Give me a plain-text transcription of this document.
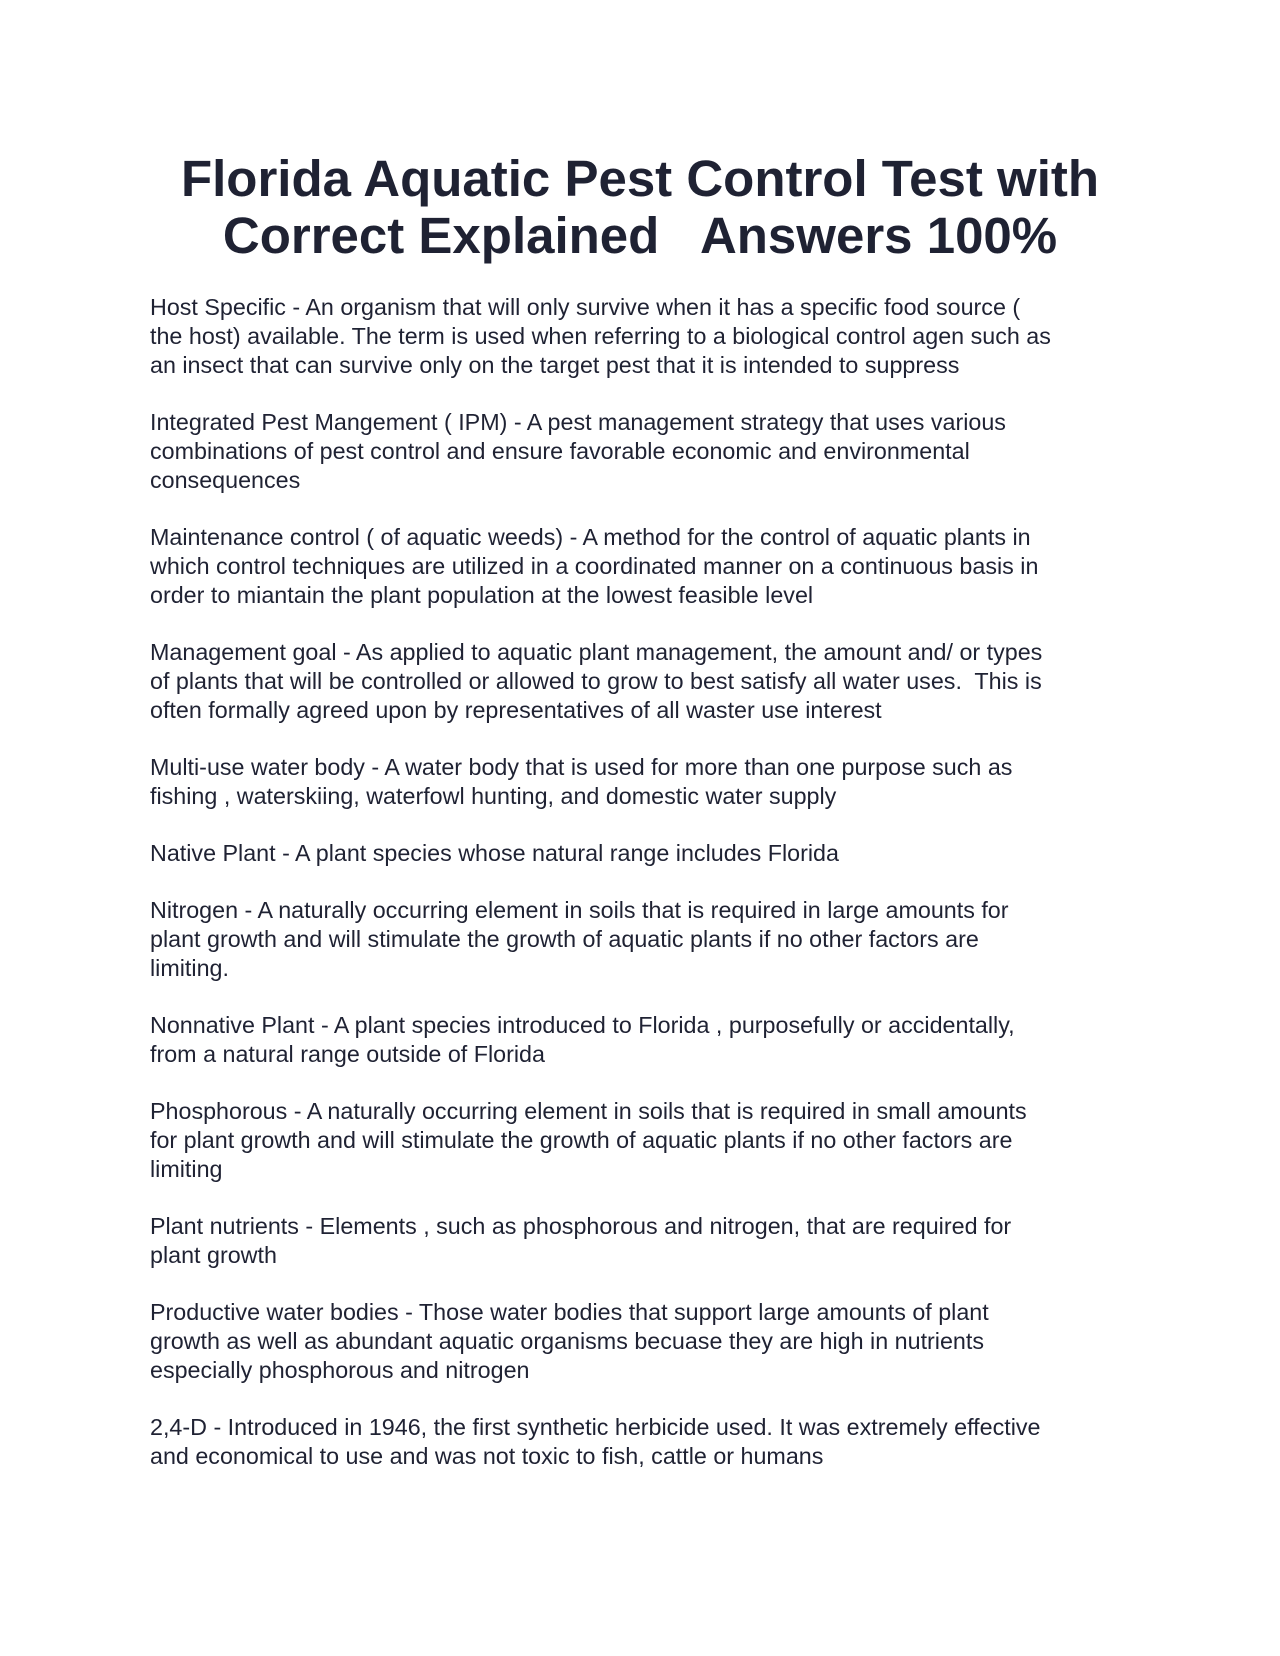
Florida Aquatic Pest Control Test with
Correct Explained   Answers 100%

Host Specific - An organism that will only survive when it has a specific food source (
the host) available. The term is used when referring to a biological control agen such as
an insect that can survive only on the target pest that it is intended to suppress

Integrated Pest Mangement ( IPM) - A pest management strategy that uses various
combinations of pest control and ensure favorable economic and environmental
consequences

Maintenance control ( of aquatic weeds) - A method for the control of aquatic plants in
which control techniques are utilized in a coordinated manner on a continuous basis in
order to miantain the plant population at the lowest feasible level

Management goal - As applied to aquatic plant management, the amount and/ or types
of plants that will be controlled or allowed to grow to best satisfy all water uses.  This is
often formally agreed upon by representatives of all waster use interest

Multi-use water body - A water body that is used for more than one purpose such as
fishing , waterskiing, waterfowl hunting, and domestic water supply

Native Plant - A plant species whose natural range includes Florida

Nitrogen - A naturally occurring element in soils that is required in large amounts for
plant growth and will stimulate the growth of aquatic plants if no other factors are
limiting.

Nonnative Plant - A plant species introduced to Florida , purposefully or accidentally,
from a natural range outside of Florida

Phosphorous - A naturally occurring element in soils that is required in small amounts
for plant growth and will stimulate the growth of aquatic plants if no other factors are
limiting

Plant nutrients - Elements , such as phosphorous and nitrogen, that are required for
plant growth

Productive water bodies - Those water bodies that support large amounts of plant
growth as well as abundant aquatic organisms becuase they are high in nutrients
especially phosphorous and nitrogen

2,4-D - Introduced in 1946, the first synthetic herbicide used. It was extremely effective
and economical to use and was not toxic to fish, cattle or humans
